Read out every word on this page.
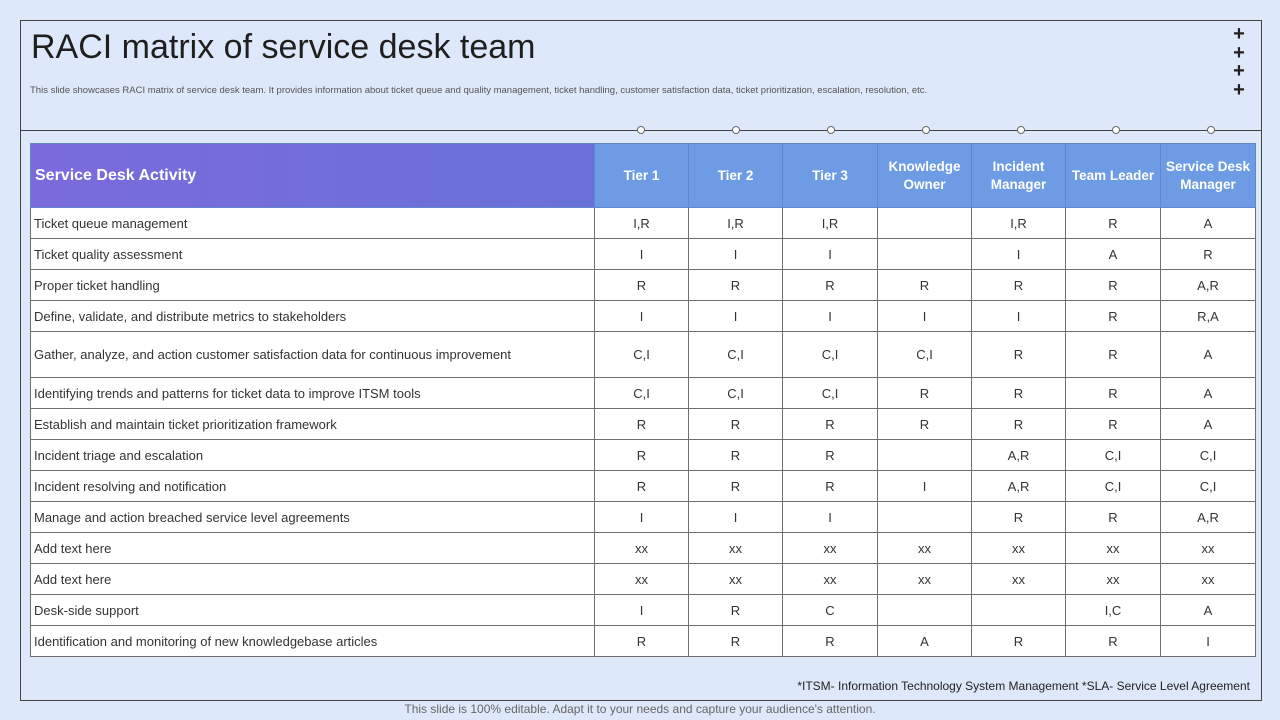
RACI matrix of service desk team

This slide showcases RACI matrix of service desk team. It provides information about ticket queue and quality management, ticket handling, customer satisfaction data, ticket prioritization, escalation, resolution, etc.

+
+
+
+
Service Desk Activity	Tier 1	Tier 2	Tier 3	Knowledge Owner	Incident Manager	Team Leader	Service Desk Manager
Ticket queue management	I,R	I,R	I,R		I,R	R	A
Ticket quality assessment	I	I	I		I	A	R
Proper ticket handling	R	R	R	R	R	R	A,R
Define, validate, and distribute metrics to stakeholders	I	I	I	I	I	R	R,A
Gather, analyze, and action customer satisfaction data for continuous improvement	C,I	C,I	C,I	C,I	R	R	A
Identifying trends and patterns for ticket data to improve ITSM tools	C,I	C,I	C,I	R	R	R	A
Establish and maintain ticket prioritization framework	R	R	R	R	R	R	A
Incident triage and escalation	R	R	R		A,R	C,I	C,I
Incident resolving and notification	R	R	R	I	A,R	C,I	C,I
Manage and action breached service level agreements	I	I	I		R	R	A,R
Add text here	xx	xx	xx	xx	xx	xx	xx
Add text here	xx	xx	xx	xx	xx	xx	xx
Desk-side support	I	R	C			I,C	A
Identification and monitoring of new knowledgebase articles	R	R	R	A	R	R	I
*ITSM- Information Technology System Management *SLA- Service Level Agreement
This slide is 100% editable. Adapt it to your needs and capture your audience's attention.
